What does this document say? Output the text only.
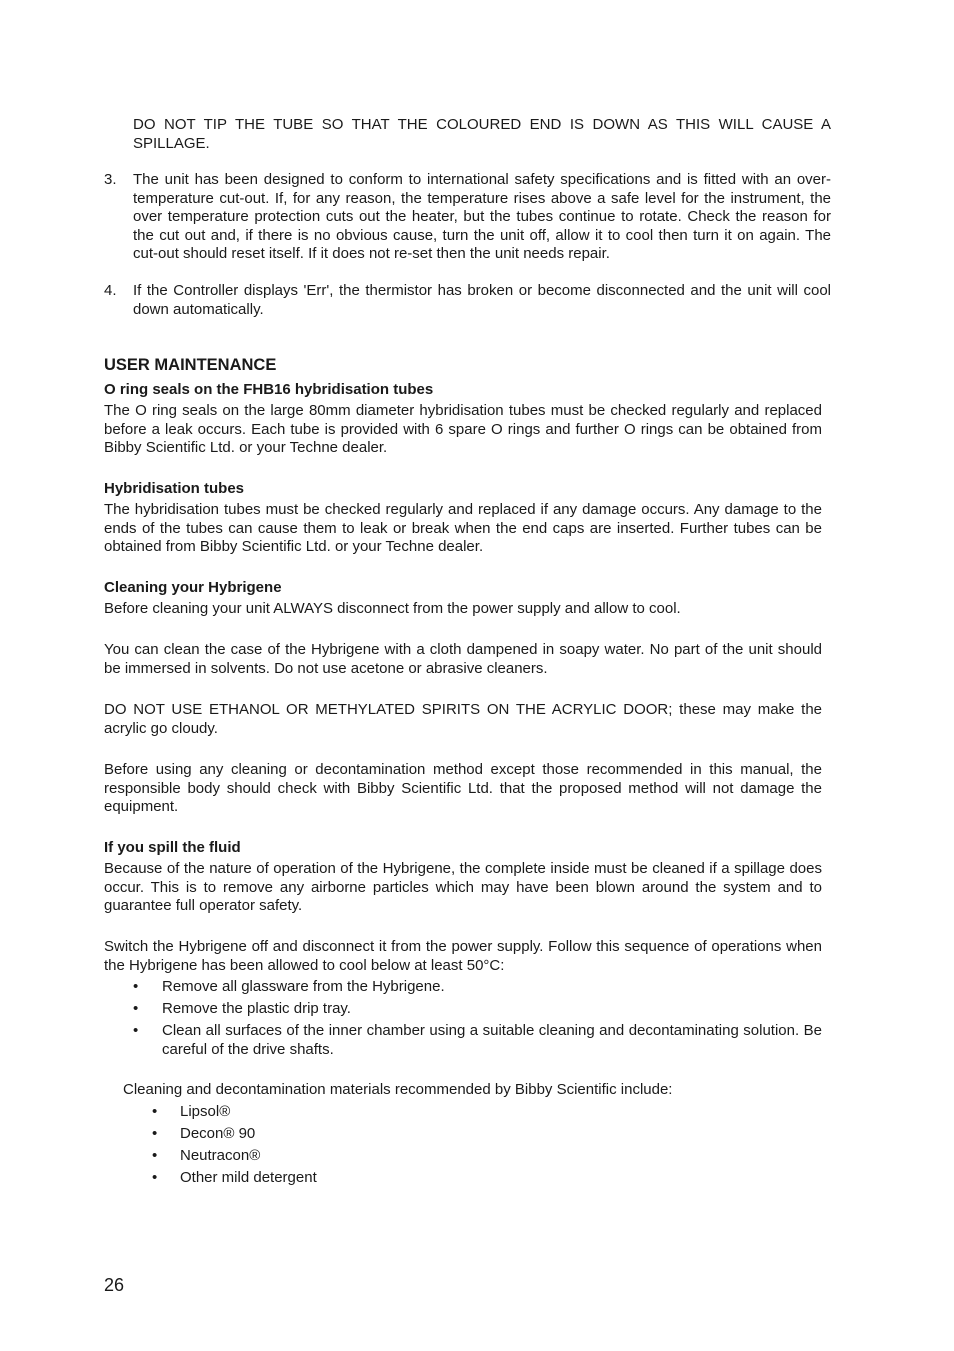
DO NOT TIP THE TUBE SO THAT THE COLOURED END IS DOWN AS THIS WILL CAUSE A SPILLAGE.
3. The unit has been designed to conform to international safety specifications and is fitted with an over-temperature cut-out. If, for any reason, the temperature rises above a safe level for the instrument, the over temperature protection cuts out the heater, but the tubes continue to rotate. Check the reason for the cut out and, if there is no obvious cause, turn the unit off, allow it to cool then turn it on again. The cut-out should reset itself. If it does not re-set then the unit needs repair.
4. If the Controller displays 'Err', the thermistor has broken or become disconnected and the unit will cool down automatically.
USER MAINTENANCE
O ring seals on the FHB16 hybridisation tubes
The O ring seals on the large 80mm diameter hybridisation tubes must be checked regularly and replaced before a leak occurs. Each tube is provided with 6 spare O rings and further O rings can be obtained from Bibby Scientific Ltd. or your Techne dealer.
Hybridisation tubes
The hybridisation tubes must be checked regularly and replaced if any damage occurs. Any damage to the ends of the tubes can cause them to leak or break when the end caps are inserted. Further tubes can be obtained from Bibby Scientific Ltd. or your Techne dealer.
Cleaning your Hybrigene
Before cleaning your unit ALWAYS disconnect from the power supply and allow to cool.
You can clean the case of the Hybrigene with a cloth dampened in soapy water. No part of the unit should be immersed in solvents. Do not use acetone or abrasive cleaners.
DO NOT USE ETHANOL OR METHYLATED SPIRITS ON THE ACRYLIC DOOR; these may make the acrylic go cloudy.
Before using any cleaning or decontamination method except those recommended in this manual, the responsible body should check with Bibby Scientific Ltd. that the proposed method will not damage the equipment.
If you spill the fluid
Because of the nature of operation of the Hybrigene, the complete inside must be cleaned if a spillage does occur. This is to remove any airborne particles which may have been blown around the system and to guarantee full operator safety.
Switch the Hybrigene off and disconnect it from the power supply. Follow this sequence of operations when the Hybrigene has been allowed to cool below at least 50°C:
• Remove all glassware from the Hybrigene.
• Remove the plastic drip tray.
• Clean all surfaces of the inner chamber using a suitable cleaning and decontaminating solution. Be careful of the drive shafts.
Cleaning and decontamination materials recommended by Bibby Scientific include:
• Lipsol®
• Decon® 90
• Neutracon®
• Other mild detergent
26
